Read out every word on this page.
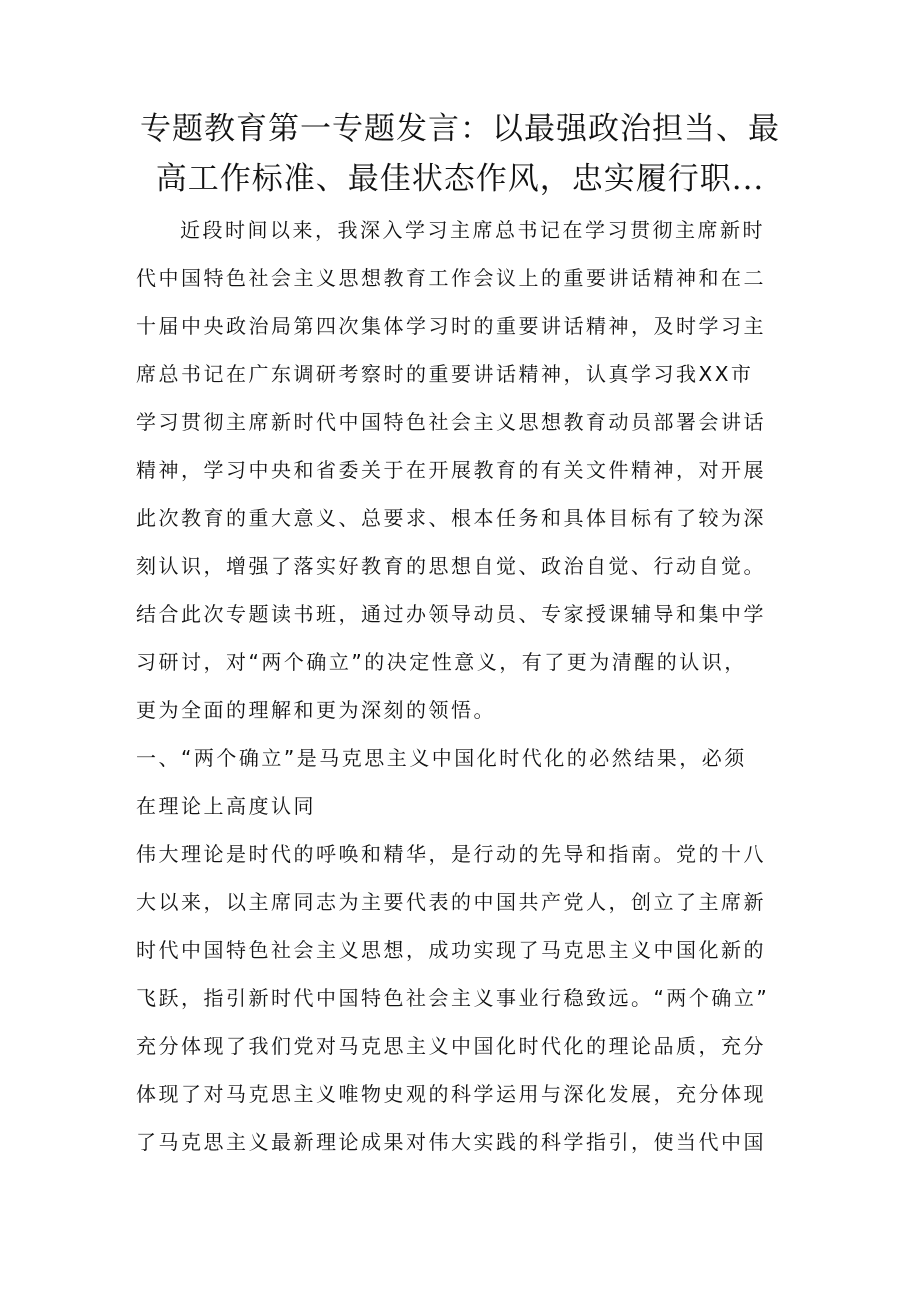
专题教育第一专题发言：以最强政治担当、最
高工作标准、最佳状态作风，忠实履行职...
近段时间以来，我深入学习主席总书记在学习贯彻主席新时
代中国特色社会主义思想教育工作会议上的重要讲话精神和在二
十届中央政治局第四次集体学习时的重要讲话精神，及时学习主
席总书记在广东调研考察时的重要讲话精神，认真学习我XX市
学习贯彻主席新时代中国特色社会主义思想教育动员部署会讲话
精神，学习中央和省委关于在开展教育的有关文件精神，对开展
此次教育的重大意义、总要求、根本任务和具体目标有了较为深
刻认识，增强了落实好教育的思想自觉、政治自觉、行动自觉。
结合此次专题读书班，通过办领导动员、专家授课辅导和集中学
习研讨，对“两个确立”的决定性意义，有了更为清醒的认识，
更为全面的理解和更为深刻的领悟。
一、“两个确立”是马克思主义中国化时代化的必然结果，必须
在理论上高度认同
伟大理论是时代的呼唤和精华，是行动的先导和指南。党的十八
大以来，以主席同志为主要代表的中国共产党人，创立了主席新
时代中国特色社会主义思想，成功实现了马克思主义中国化新的
飞跃，指引新时代中国特色社会主义事业行稳致远。“两个确立”
充分体现了我们党对马克思主义中国化时代化的理论品质，充分
体现了对马克思主义唯物史观的科学运用与深化发展，充分体现
了马克思主义最新理论成果对伟大实践的科学指引，使当代中国
